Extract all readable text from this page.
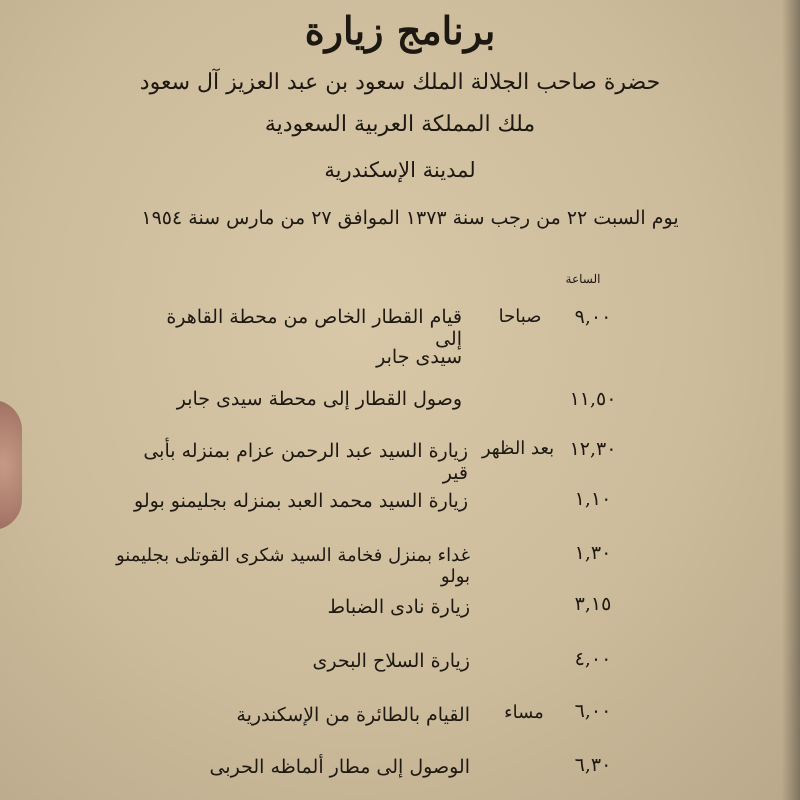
برنامج زيارة
حضرة صاحب الجلالة الملك سعود بن عبد العزيز آل سعود
ملك المملكة العربية السعودية
لمدينة الإسكندرية
يوم السبت ٢٢ من رجب سنة ١٣٧٣ الموافق ٢٧ من مارس سنة ١٩٥٤
الساعة
٩,٠٠
صباحا
قيام القطار الخاص من محطة القاهرة إلى
سيدى جابر
١١,٥٠
وصول القطار إلى محطة سيدى جابر
١٢,٣٠
بعد الظهر
زيارة السيد عبد الرحمن عزام بمنزله بأبى قير
١,١٠
زيارة السيد محمد العبد بمنزله بجليمنو بولو
١,٣٠
غداء بمنزل فخامة السيد شكرى القوتلى بجليمنو بولو
٣,١٥
زيارة نادى الضباط
٤,٠٠
زيارة السلاح البحرى
٦,٠٠
مساء
القيام بالطائرة من الإسكندرية
٦,٣٠
الوصول إلى مطار ألماظه الحربى
